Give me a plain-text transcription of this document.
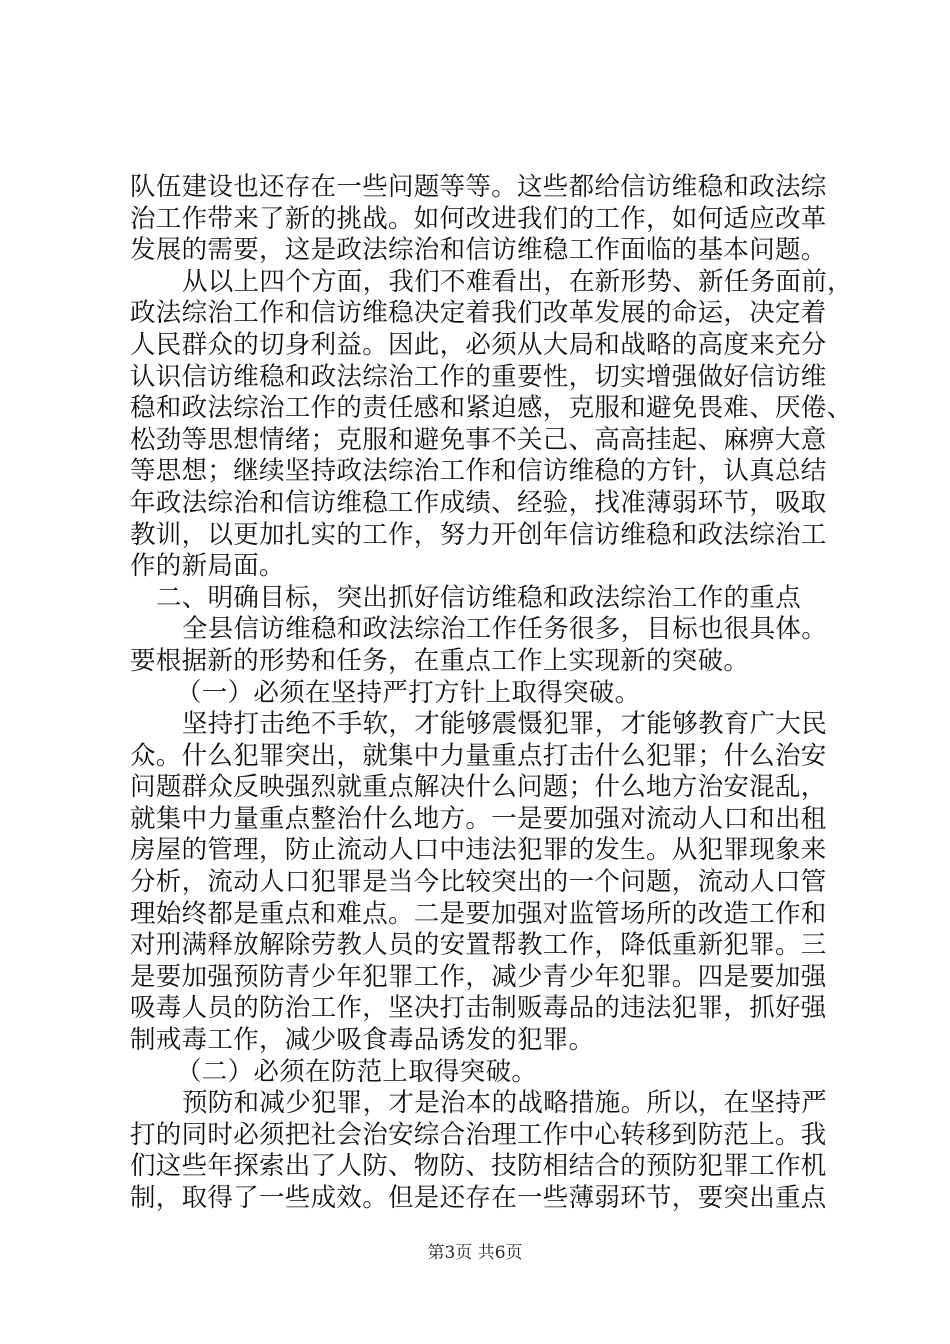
队伍建设也还存在一些问题等等。这些都给信访维稳和政法综
治工作带来了新的挑战。如何改进我们的工作，如何适应改革
发展的需要，这是政法综治和信访维稳工作面临的基本问题。
从以上四个方面，我们不难看出，在新形势、新任务面前，
政法综治工作和信访维稳决定着我们改革发展的命运，决定着
人民群众的切身利益。因此，必须从大局和战略的高度来充分
认识信访维稳和政法综治工作的重要性，切实增强做好信访维
稳和政法综治工作的责任感和紧迫感，克服和避免畏难、厌倦、
松劲等思想情绪；克服和避免事不关己、高高挂起、麻痹大意
等思想；继续坚持政法综治工作和信访维稳的方针，认真总结
年政法综治和信访维稳工作成绩、经验，找准薄弱环节，吸取
教训，以更加扎实的工作，努力开创年信访维稳和政法综治工
作的新局面。
二、明确目标，突出抓好信访维稳和政法综治工作的重点
全县信访维稳和政法综治工作任务很多，目标也很具体。
要根据新的形势和任务，在重点工作上实现新的突破。
（一）必须在坚持严打方针上取得突破。
坚持打击绝不手软，才能够震慑犯罪，才能够教育广大民
众。什么犯罪突出，就集中力量重点打击什么犯罪；什么治安
问题群众反映强烈就重点解决什么问题；什么地方治安混乱，
就集中力量重点整治什么地方。一是要加强对流动人口和出租
房屋的管理，防止流动人口中违法犯罪的发生。从犯罪现象来
分析，流动人口犯罪是当今比较突出的一个问题，流动人口管
理始终都是重点和难点。二是要加强对监管场所的改造工作和
对刑满释放解除劳教人员的安置帮教工作，降低重新犯罪。三
是要加强预防青少年犯罪工作，减少青少年犯罪。四是要加强
吸毒人员的防治工作，坚决打击制贩毒品的违法犯罪，抓好强
制戒毒工作，减少吸食毒品诱发的犯罪。
（二）必须在防范上取得突破。
预防和减少犯罪，才是治本的战略措施。所以，在坚持严
打的同时必须把社会治安综合治理工作中心转移到防范上。我
们这些年探索出了人防、物防、技防相结合的预防犯罪工作机
制，取得了一些成效。但是还存在一些薄弱环节，要突出重点
第3页 共6页
